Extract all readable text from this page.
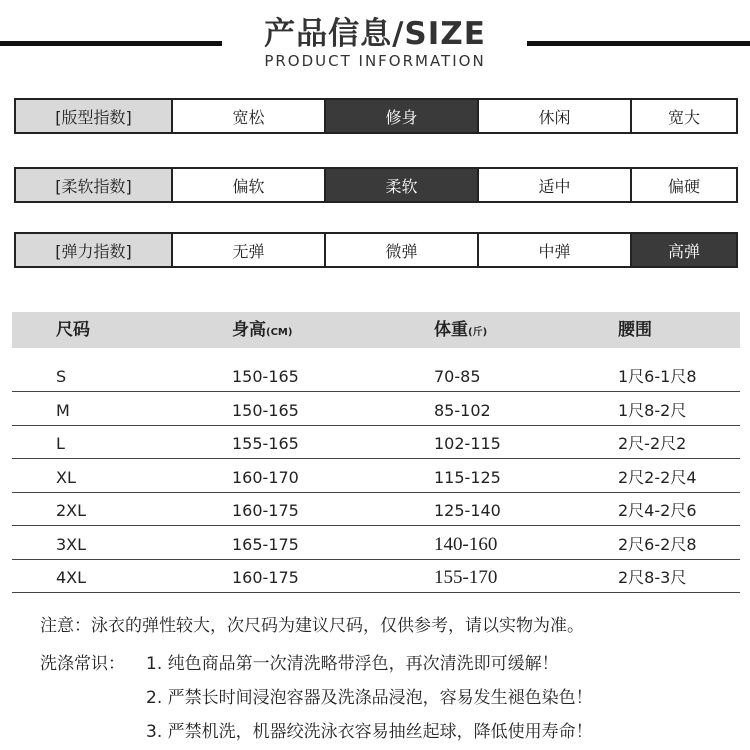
产品信息/SIZE
PRODUCT INFORMATION
[版型指数]	宽松	修身	休闲	宽大
[柔软指数]	偏软	柔软	适中	偏硬
[弹力指数]	无弹	微弹	中弹	高弹
尺码	身高(CM)	体重(斤)	腰围
S	150-165	70-85	1尺6-1尺8
M	150-165	85-102	1尺8-2尺
L	155-165	102-115	2尺-2尺2
XL	160-170	115-125	2尺2-2尺4
2XL	160-175	125-140	2尺4-2尺6
3XL	165-175	140-160	2尺6-2尺8
4XL	160-175	155-170	2尺8-3尺
注意：泳衣的弹性较大，次尺码为建议尺码，仅供参考，请以实物为准。
洗涤常识： 1. 纯色商品第一次清洗略带浮色，再次清洗即可缓解！
2. 严禁长时间浸泡容器及洗涤品浸泡，容易发生褪色染色！
3. 严禁机洗，机器绞洗泳衣容易抽丝起球，降低使用寿命！
